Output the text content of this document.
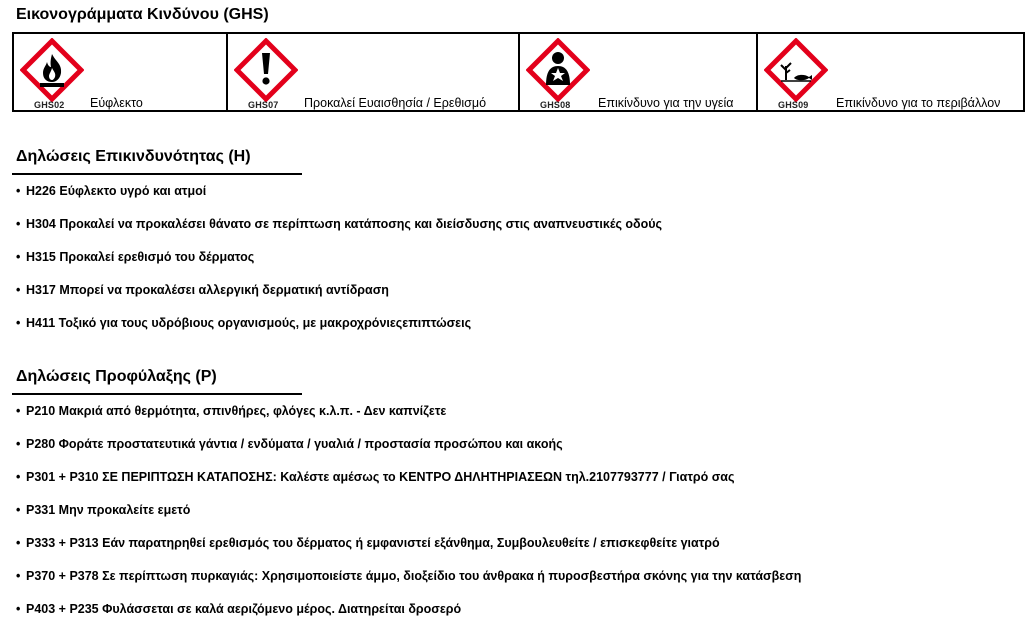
Εικονογράμματα Κινδύνου (GHS)
GHS02 Εύφλεκτο	GHS07 Προκαλεί Ευαισθησία / Ερεθισμό	GHS08 Επικίνδυνο για την υγεία	GHS09 Επικίνδυνο για το περιβάλλον
Δηλώσεις Επικινδυνότητας (H)
• H226 Εύφλεκτο υγρό και ατμοί
• H304 Προκαλεί να προκαλέσει θάνατο σε περίπτωση κατάποσης και διείσδυσης στις αναπνευστικές οδούς
• H315 Προκαλεί ερεθισμό του δέρματος
• H317 Μπορεί να προκαλέσει αλλεργική δερματική αντίδραση
• H411 Τοξικό για τους υδρόβιους οργανισμούς, με μακροχρόνιεςεπιπτώσεις
Δηλώσεις Προφύλαξης (P)
• P210 Μακριά από θερμότητα, σπινθήρες, φλόγες κ.λ.π. - Δεν καπνίζετε
• P280 Φοράτε προστατευτικά γάντια / ενδύματα / γυαλιά / προστασία προσώπου και ακοής
• P301 + P310 ΣΕ ΠΕΡΙΠΤΩΣΗ ΚΑΤΑΠΟΣΗΣ: Καλέστε αμέσως το ΚΕΝΤΡΟ ΔΗΛΗΤΗΡΙΑΣΕΩΝ τηλ.2107793777 / Γιατρό σας
• P331 Μην προκαλείτε εμετό
• P333 + P313 Εάν παρατηρηθεί ερεθισμός του δέρματος ή εμφανιστεί εξάνθημα, Συμβουλευθείτε / επισκεφθείτε γιατρό
• P370 + P378 Σε περίπτωση πυρκαγιάς: Χρησιμοποιείστε άμμο, διοξείδιο του άνθρακα ή πυροσβεστήρα σκόνης για την κατάσβεση
• P403 + P235 Φυλάσσεται σε καλά αεριζόμενο μέρος. Διατηρείται δροσερό
